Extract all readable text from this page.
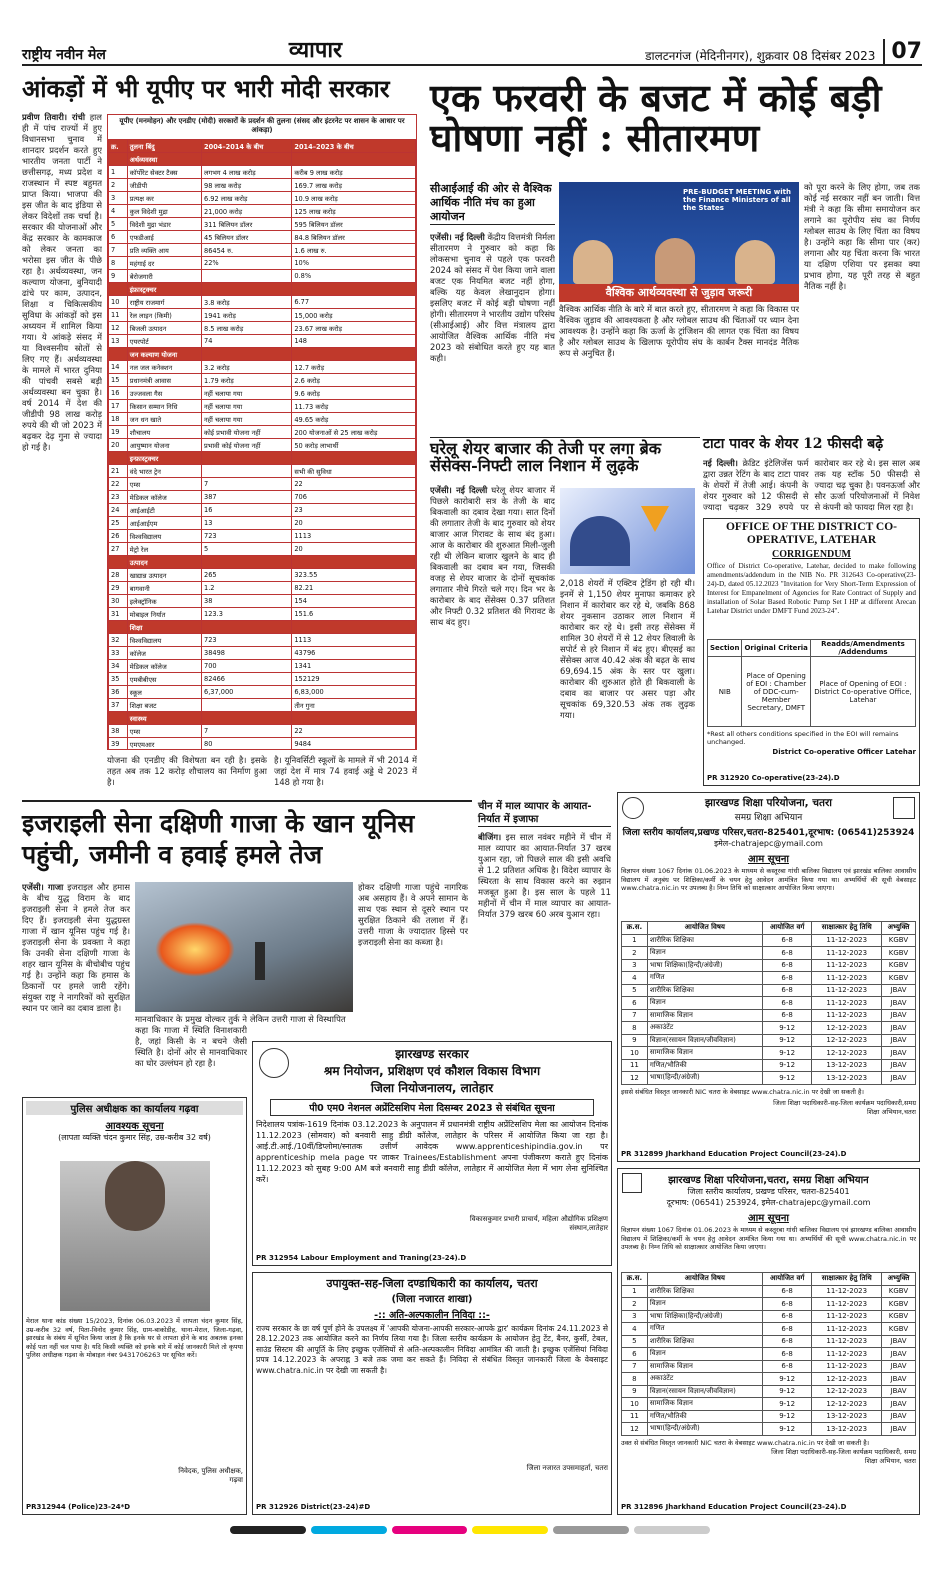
राष्ट्रीय नवीन मेल	व्यापार	डालटनगंज (मेदिनीनगर), शुक्रवार 08 दिसंबर 2023 07
आंकड़ों में भी यूपीए पर भारी मोदी सरकार
प्रवीण तिवारी। रांची हाल ही में पांच राज्यों में हुए विधानसभा चुनाव में शानदार प्रदर्शन करते हुए भारतीय जनता पार्टी ने छत्तीसगढ़, मध्य प्रदेश व राजस्थान में स्पष्ट बहुमत प्राप्त किया। भाजपा की इस जीत के बाद इंडिया से लेकर विदेशों तक चर्चा है। सरकार की योजनाओं और केंद्र सरकार के कामकाज को लेकर जनता का भरोसा इस जीत के पीछे रहा है। अर्थव्यवस्था, जन कल्याण योजना, बुनियादी ढांचे पर काम, उत्पादन, शिक्षा व चिकित्सकीय सुविधा के आंकड़ों को इस अध्ययन में शामिल किया गया। ये आंकड़े संसद में या विश्वसनीय स्रोतों से लिए गए हैं। अर्थव्यवस्था के मामले में भारत दुनिया की पांचवी सबसे बड़ी अर्थव्यवस्था बन चुका है। वर्ष 2014 में देश की जीडीपी 98 लाख करोड़ रुपये की थी जो 2023 में बढ़कर देढ़ गुना से ज्यादा हो गई है।
यूपीए (मनमोहन) और एनडीए (मोदी) सरकारों के प्रदर्शन की तुलना (संसद और इंटरनेट पर शासन के आधार पर आंकड़ा)
क्र.	तुलना बिंदु	2004–2014 के बीच	2014–2023 के बीच
	अर्थव्यवस्था		
1	कॉर्पोरेट सेक्टर टैक्स	लगभग 4 लाख करोड़	करीब 9 लाख करोड़
2	जीडीपी	98 लाख करोड़	169.7 लाख करोड़
3	प्रत्यक्ष कर	6.92 लाख करोड़	10.9 लाख करोड़
4	कुल विदेशी मुद्रा	21,000 करोड़	125 लाख करोड़
5	विदेशी मुद्रा भंडार	311 बिलियन डॉलर	595 बिलियन डॉलर
6	एफडीआई	45 बिलियन डॉलर	84.8 बिलियन डॉलर
7	प्रति व्यक्ति आय	86454 रु.	1.6 लाख रु.
8	महंगाई दर	22%	10%
9	बेरोजगारी		0.8%
	इंफ्रास्ट्रक्चर		
10	राष्ट्रीय राजमार्ग	3.8 करोड़	6.77
11	रेल लाइन (किमी)	1941 करोड़	15,000 करोड़
12	बिजली उत्पादन	8.5 लाख करोड़	23.67 लाख करोड़
13	एयरपोर्ट	74	148
	जन कल्याण योजना		
14	नल जल कनेक्शन	3.2 करोड़	12.7 करोड़
15	प्रधानमंत्री आवास	1.79 करोड़	2.6 करोड़
16	उज्जवला गैस	नहीं चलाया गया	9.6 करोड़
17	किसान सम्मान निधि	नहीं चलाया गया	11.73 करोड़
18	जन धन खाते	नहीं चलाया गया	49.65 करोड़
19	शौचालय	कोई प्रभावी योजना नहीं	200 योजनाओं से 25 लाख करोड़
20	आयुष्मान योजना	प्रभावी कोई योजना नहीं	50 करोड़ लाभार्थी
	इन्फ्रास्ट्रक्चर		
21	वंदे भारत ट्रेन		सभी की सुविधा
22	एम्स	7	22
23	मेडिकल कॉलेज	387	706
24	आईआईटी	16	23
25	आईआईएम	13	20
26	विश्वविद्यालय	723	1113
27	मेट्रो रेल	5	20
	उत्पादन		
28	खाद्यान्न उत्पादन	265	323.55
29	बागवानी	1.2	82.21
30	इलेक्ट्रॉनिक	38	154
31	मोबाइल निर्यात	123.3	151.6
	शिक्षा		
32	विश्वविद्यालय	723	1113
33	कॉलेज	38498	43796
34	मेडिकल कॉलेज	700	1341
35	एमबीबीएस	82466	152129
36	स्कूल	6,37,000	6,83,000
37	शिक्षा बजट		तीन गुना
	स्वास्थ्य		
38	एम्स	7	22
39	एमएमआर	80	9484

योजना की एनडीए की विशेषता बन रही है। इसके तहत अब तक 12 करोड़ शौचालय का निर्माण हुआ है।
है। यूनिवर्सिटी स्कूलों के मामले में भी 2014 में जहां देश में मात्र 74 हवाई अड्डे थे 2023 में 148 हो गया है।
एक फरवरी के बजट में कोई बड़ी घोषणा नहीं : सीतारमण
सीआईआई की ओर से वैश्विक आर्थिक नीति मंच का हुआ आयोजन
एजेंसी। नई दिल्ली केंद्रीय वित्तमंत्री निर्मला सीतारमण ने गुरुवार को कहा कि लोकसभा चुनाव से पहले एक फरवरी 2024 को संसद में पेश किया जाने वाला बजट एक नियमित बजट नहीं होगा, बल्कि यह केवल लेखानुदान होगा। इसलिए बजट में कोई बड़ी घोषणा नहीं होगी। सीतारमण ने भारतीय उद्योग परिसंघ (सीआईआई) और वित्त मंत्रालय द्वारा आयोजित वैश्विक आर्थिक नीति मंच 2023 को संबोधित करते हुए यह बात कही।
PRE-BUDGET MEETING with the Finance Ministers of all the States
वैश्विक आर्थव्यवस्था से जुड़ाव जरूरी
वैश्विक आर्थिक नीति के बारे में बात करते हुए, सीतारमण ने कहा कि विकास पर वैश्विक जुड़ाव की आवश्यकता है और ग्लोबल साउथ की चिंताओं पर ध्यान देना आवश्यक है। उन्होंने कहा कि ऊर्जा के ट्रांजिशन की लागत एक चिंता का विषय है और ग्लोबल साउथ के खिलाफ यूरोपीय संघ के कार्बन टैक्स मानदंड नैतिक रूप से अनुचित हैं।
को पूरा करने के लिए होगा, जब तक कोई नई सरकार नहीं बन जाती। वित्त मंत्री ने कहा कि सीमा समायोजन कर लगाने का यूरोपीय संघ का निर्णय ग्लोबल साउथ के लिए चिंता का विषय है। उन्होंने कहा कि सीमा पार (कर) लगाना और यह चिंता करना कि भारत या दक्षिण एशिया पर इसका क्या प्रभाव होगा, यह पूरी तरह से बहुत नैतिक नहीं है।
घरेलू शेयर बाजार की तेजी पर लगा ब्रेक सेंसेक्स-निफ्टी लाल निशान में लुढ़के
एजेंसी। नई दिल्ली घरेलू शेयर बाजार में पिछले कारोबारी सत्र के तेजी के बाद बिकवाली का दबाव देखा गया। सात दिनों की लगातार तेजी के बाद गुरुवार को शेयर बाजार आज गिरावट के साथ बंद हुआ। आज के कारोबार की शुरुआत मिली-जुली रही थी लेकिन बाजार खुलने के बाद ही बिकवाली का दबाव बन गया, जिसकी वजह से शेयर बाजार के दोनों सूचकांक लगातार नीचे गिरते चले गए। दिन भर के कारोबार के बाद सेंसेक्स 0.37 प्रतिशत और निफ्टी 0.32 प्रतिशत की गिरावट के साथ बंद हुए।
2,018 शेयरों में एक्टिव ट्रेडिंग हो रही थी। इनमें से 1,150 शेयर मुनाफा कमाकर हरे निशान में कारोबार कर रहे थे, जबकि 868 शेयर नुकसान उठाकर लाल निशान में कारोबार कर रहे थे। इसी तरह सेंसेक्स में शामिल 30 शेयरों में से 12 शेयर लिवाली के सपोर्ट से हरे निशान में बंद हुए। बीएसई का सेंसेक्स आज 40.42 अंक की बढ़त के साथ 69,694.15 अंक के स्तर पर खुला। कारोबार की शुरुआत होते ही बिकवाली के दबाव का बाजार पर असर पड़ा और सूचकांक 69,320.53 अंक तक लुढ़क गया।
टाटा पावर के शेयर 12 फीसदी बढ़े
नई दिल्ली। क्रेडिट इंटेलिजेंस फर्म द्वारा उन्नत रेटिंग के बाद टाटा पावर के शेयरों में तेजी आई। कंपनी के शेयर गुरुवार को 12 फीसदी से ज्यादा चढ़कर 329 रुपये पर कारोबार कर रहे थे। इस साल अब तक यह स्टॉक 50 फीसदी से ज्यादा चढ़ चुका है। पवनऊर्जा और सौर ऊर्जा परियोजनाओं में निवेश से कंपनी को फायदा मिल रहा है।
OFFICE OF THE DISTRICT CO-OPERATIVE, LATEHAR
CORRIGENDUM
Office of District Co-operative, Latehar, decided to make following amendments/addendum in the NIB No. PR 312643 Co-operative(23-24)-D, dated 05.12.2023 "Invitation for Very Short-Term Expression of Interest for Empanelment of Agencies for Rate Contract of Supply and installation of Solar Based Robotic Pump Set I HP at different Arecan Latehar District under DMFT Fund 2023-24".
Section	Original Criteria	Readds/Amendments /Addendums
NIB	Place of Opening of EOI : Chamber of DDC-cum-Member Secretary, DMFT	Place of Opening of EOI : District Co-operative Office, Latehar
*Rest all others conditions specified in the EOI will remains unchanged.
District Co-operative Officer Latehar
PR 312920 Co-operative(23-24).D
इजराइली सेना दक्षिणी गाजा के खान यूनिस पहुंची, जमीनी व हवाई हमले तेज
एजेंसी। गाजा इजराइल और हमास के बीच युद्ध विराम के बाद इजराइली सेना ने हमले तेज कर दिए हैं। इजराइली सेना युद्धग्रस्त गाजा में खान यूनिस पहुंच गई है। इजराइली सेना के प्रवक्ता ने कहा कि उनकी सेना दक्षिणी गाजा के शहर खान यूनिस के बीचोबीच पहुंच गई है। उन्होंने कहा कि हमास के ठिकानों पर हमले जारी रहेंगे। संयुक्त राष्ट्र ने नागरिकों को सुरक्षित स्थान पर जाने का दबाव डाला है।
लेकिन उत्तरी गाजा से विस्थापित
मानवाधिकार के प्रमुख वोल्कर तुर्क ने कहा कि गाजा में स्थिति विनाशकारी है, जहां किसी के न बचने जैसी स्थिति है। दोनों ओर से मानवाधिकार का घोर उल्लंघन हो रहा है।
होकर दक्षिणी गाजा पहुंचे नागरिक अब असहाय हैं। वे अपने सामान के साथ एक स्थान से दूसरे स्थान पर सुरक्षित ठिकाने की तलाश में हैं। उत्तरी गाजा के ज्यादातर हिस्से पर इजराइली सेना का कब्जा है।
चीन में माल व्यापार के आयात-निर्यात में इजाफा
बीजिंग। इस साल नवंबर महीने में चीन में माल व्यापार का आयात-निर्यात 37 खरब युआन रहा, जो पिछले साल की इसी अवधि से 1.2 प्रतिशत अधिक है। विदेश व्यापार के स्थिरता के साथ विकास करने का रुझान मजबूत हुआ है। इस साल के पहले 11 महीनों में चीन में माल व्यापार का आयात-निर्यात 379 खरब 60 अरब युआन रहा।
झारखण्ड शिक्षा परियोजना, चतरा
समग्र शिक्षा अभियान
जिला स्तरीय कार्यालय,प्रखण्ड परिसर,चतरा-825401,दूरभाष: (06541)253924
इमेल-chatrajepc@ymail.com
आम सूचना
विज्ञापन संख्या 1067 दिनांक 01.06.2023 के माध्यम से कस्तूरबा गांधी बालिका विद्यालय एवं झारखंड बालिका आवासीय विद्यालय में अनुबंध पर शिक्षिका/कर्मी के चयन हेतु आवेदन आमंत्रित किया गया था। अभ्यर्थियों की सूची वेबसाइट www.chatra.nic.in पर उपलब्ध है। निम्न तिथि को साक्षात्कार आयोजित किया जाएगा।
क्र.स.	आयोजित विषय	आयोजित वर्ग	साक्षात्कार हेतु तिथि	अभ्युक्ति
1	शारीरिक शिक्षिका	6-8	11-12-2023	KGBV
2	विज्ञान	6-8	11-12-2023	KGBV
3	भाषा शिक्षिका(हिन्दी/अंग्रेजी)	6-8	11-12-2023	KGBV
4	गणित	6-8	11-12-2023	KGBV
5	शारीरिक शिक्षिका	6-8	11-12-2023	JBAV
6	विज्ञान	6-8	11-12-2023	JBAV
7	सामाजिक विज्ञान	6-8	11-12-2023	JBAV
8	अकाउंटेंट	9-12	12-12-2023	JBAV
9	विज्ञान(रसायन विज्ञान/जीवविज्ञान)	9-12	12-12-2023	JBAV
10	सामाजिक विज्ञान	9-12	12-12-2023	JBAV
11	गणित/भौतिकी	9-12	13-12-2023	JBAV
12	भाषा(हिन्दी/अंग्रेजी)	9-12	13-12-2023	JBAV
इससे संबंधित विस्तृत जानकारी NIC चतरा के वेबसाइट www.chatra.nic.in पर देखी जा सकती है।
जिला शिक्षा पदाधिकारी-सह-जिला कार्यक्रम पदाधिकारी,समग्र शिक्षा अभियान,चतरा
PR 312899 Jharkhand Education Project Council(23-24).D
झारखण्ड सरकार
श्रम नियोजन, प्रशिक्षण एवं कौशल विकास विभाग
जिला नियोजनालय, लातेहार
पी0 एम0 नेशनल अप्रेंटिसशिप मेला दिसम्बर 2023 से संबंधित सूचना
निदेशालय पत्रांक-1619 दिनांक 03.12.2023 के अनुपालन में प्रधानमंत्री राष्ट्रीय अप्रेंटिसशिप मेला का आयोजन दिनांक 11.12.2023 (सोमवार) को बनवारी साहु डीग्री कॉलेज, लातेहार के परिसर में आयोजित किया जा रहा है। आई.टी.आई./10वीं/डिप्लोमा/स्नातक उत्तीर्ण आवेदक www.apprenticeshipindia.gov.in पर apprenticeship mela page पर जाकर Trainees/Establishment अपना पंजीकरण कराते हुए दिनांक 11.12.2023 को सुबह 9:00 AM बजे बनवारी साहु डीग्री कॉलेज, लातेहार में आयोजित मेला में भाग लेना सुनिश्चित करें।
विकासकुमार प्रभारी प्राचार्य, महिला औद्योगिक प्रशिक्षण संस्थान,लातेहार
PR 312954 Labour Employment and Traning(23-24).D
पुलिस अधीक्षक का कार्यालय गढ़वा
आवश्यक सूचना
(लापता व्यक्ति चंदन कुमार सिंह, उम्र-करीब 32 वर्ष)
मेराल थाना कांड संख्या 15/2023, दिनांक 06.03.2023 में लापता चंदन कुमार सिंह, उम्र-करीब 32 वर्ष, पिता-विनोद कुमार सिंह, ग्राम-बाकोडीह, थाना-मेराल, जिला-गढ़वा, झारखंड के संबंध में सूचित किया जाता है कि इनके घर से लापता होने के बाद अबतक इनका कोई पता नहीं चल पाया है। यदि किसी व्यक्ति को इनके बारे में कोई जानकारी मिले तो कृपया पुलिस अधीक्षक गढ़वा के मोबाइल नंबर 9431706263 पर सूचित करें।
निवेदक, पुलिस अधीक्षक, गढ़वा
PR312944 (Police)23-24*D
उपायुक्त-सह-जिला दण्डाधिकारी का कार्यालय, चतरा
(जिला नजारत शाखा)
-:: अति-अल्पकालीन निविदा ::-
राज्य सरकार के छः वर्ष पूर्ण होने के उपलक्ष्य में 'आपकी योजना-आपकी सरकार-आपके द्वार' कार्यक्रम दिनांक 24.11.2023 से 28.12.2023 तक आयोजित करने का निर्णय लिया गया है। जिला स्तरीय कार्यक्रम के आयोजन हेतु टेंट, बैनर, कुर्सी, टेबल, साउंड सिस्टम की आपूर्ति के लिए इच्छुक एजेंसियों से अति-अल्पकालीन निविदा आमंत्रित की जाती है। इच्छुक एजेंसियां निविदा प्रपत्र 14.12.2023 के अपराह्न 3 बजे तक जमा कर सकते हैं। निविदा से संबंधित विस्तृत जानकारी जिला के वेबसाइट www.chatra.nic.in पर देखी जा सकती है।
जिला नजारत उपसमाहर्ता, चतरा
PR 312926 District(23-24)#D
झारखण्ड शिक्षा परियोजना,चतरा, समग्र शिक्षा अभियान
जिला स्तरीय कार्यालय, प्रखण्ड परिसर, चतरा-825401
दूरभाष: (06541) 253924, इमेल-chatrajepc@ymail.com
आम सूचना
विज्ञापन संख्या 1067 दिनांक 01.06.2023 के माध्यम से कस्तूरबा गांधी बालिका विद्यालय एवं झारखण्ड बालिका आवासीय विद्यालय में शिक्षिका/कर्मी के चयन हेतु आवेदन आमंत्रित किया गया था। अभ्यर्थियों की सूची www.chatra.nic.in पर उपलब्ध है। निम्न तिथि को साक्षात्कार आयोजित किया जाएगा।
क्र.स.	आयोजित विषय	आयोजित वर्ग	साक्षात्कार हेतु तिथि	अभ्युक्ति
1	शारीरिक शिक्षिका	6-8	11-12-2023	KGBV
2	विज्ञान	6-8	11-12-2023	KGBV
3	भाषा शिक्षिका(हिन्दी/अंग्रेजी)	6-8	11-12-2023	KGBV
4	गणित	6-8	11-12-2023	KGBV
5	शारीरिक शिक्षिका	6-8	11-12-2023	JBAV
6	विज्ञान	6-8	11-12-2023	JBAV
7	सामाजिक विज्ञान	6-8	11-12-2023	JBAV
8	अकाउंटेंट	9-12	12-12-2023	JBAV
9	विज्ञान(रसायन विज्ञान/जीवविज्ञान)	9-12	12-12-2023	JBAV
10	सामाजिक विज्ञान	9-12	12-12-2023	JBAV
11	गणित/भौतिकी	9-12	13-12-2023	JBAV
12	भाषा(हिन्दी/अंग्रेजी)	9-12	13-12-2023	JBAV
उक्त से संबंधित विस्तृत जानकारी NIC चतरा के वेबसाइट www.chatra.nic.in पर देखी जा सकती है।
जिला शिक्षा पदाधिकारी-सह-जिला कार्यक्रम पदाधिकारी, समग्र शिक्षा अभियान, चतरा
PR 312896 Jharkhand Education Project Council(23-24).D
